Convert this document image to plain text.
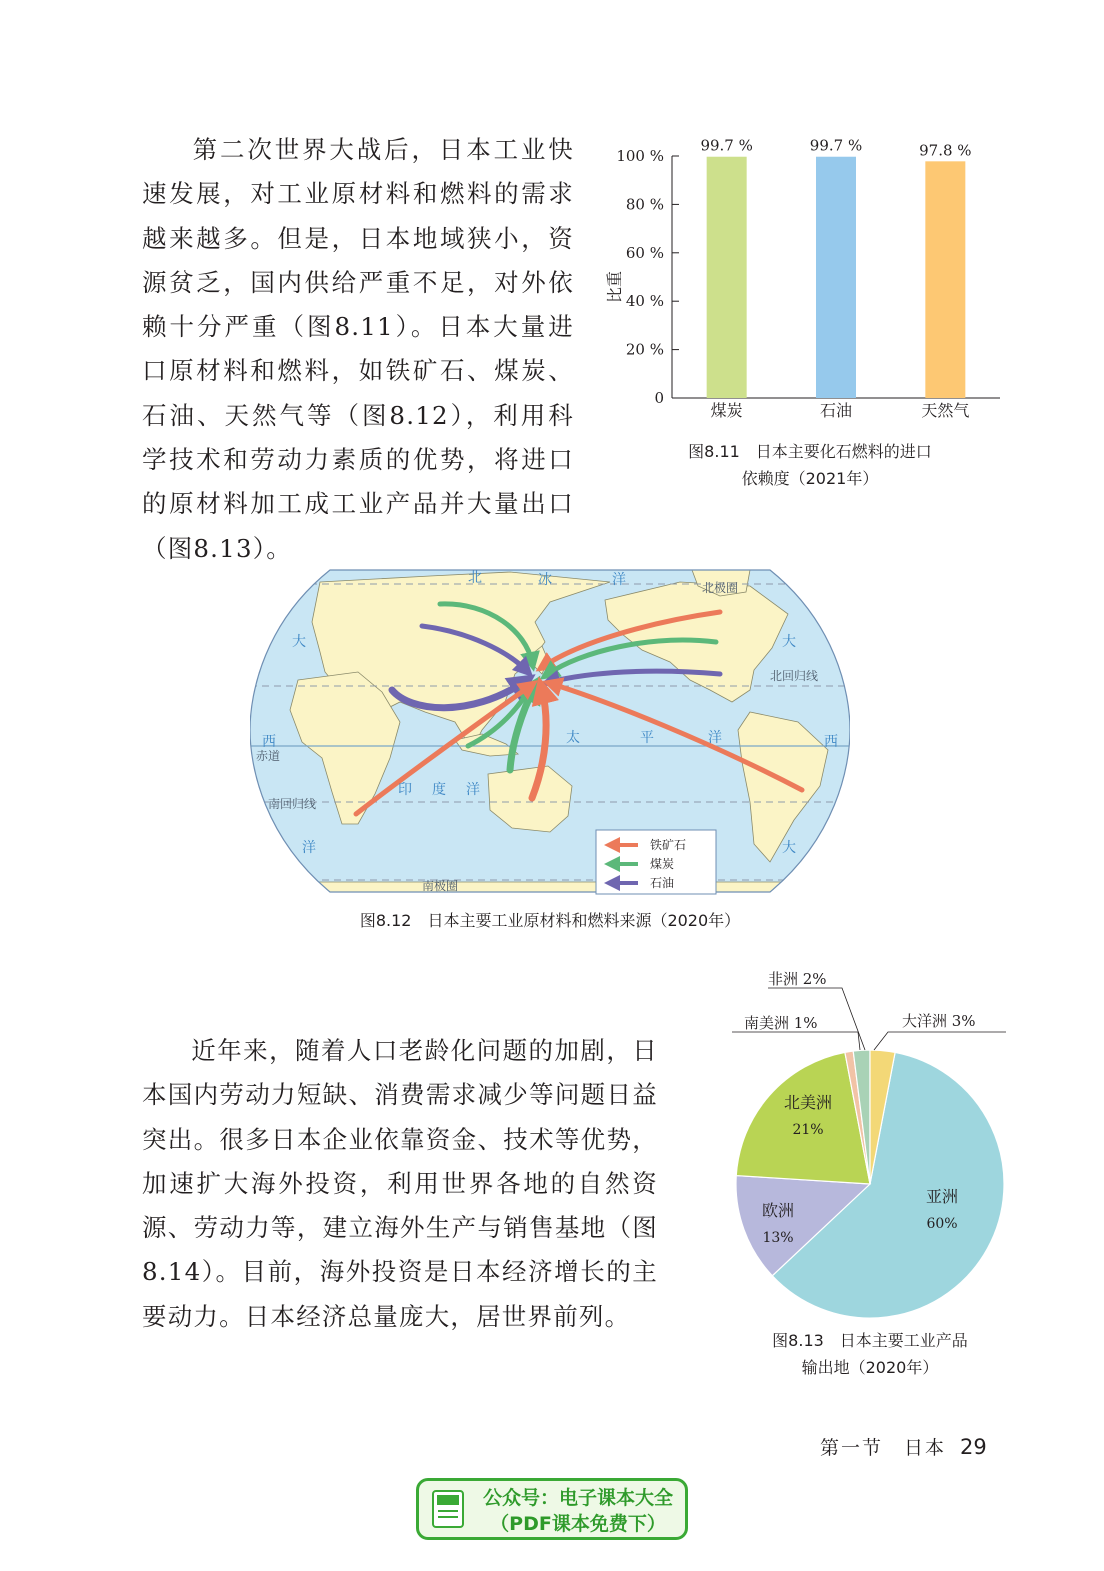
第二次世界大战后，日本工业快速发展，对工业原材料和燃料的需求越来越多。但是，日本地域狭小，资源贫乏，国内供给严重不足，对外依赖十分严重（图8.11）。日本大量进口原材料和燃料，如铁矿石、煤炭、石油、天然气等（图8.12），利用科学技术和劳动力素质的优势，将进口的原材料加工成工业产品并大量出口（图8.13）。

0
20 %
40 %
60 %
80 %
100 %
比重
99.7 %
煤炭
99.7 %
石油
97.8 %
天然气
图8.11　日本主要化石燃料的进口
依赖度（2021年）
北	冰	洋
大
西
洋
大
太	平	洋
印 度 洋
大
西
北极圈
北回归线
赤道
南回归线
南极圈
铁矿石
煤炭
石油
图8.12　日本主要工业原材料和燃料来源（2020年）

近年来，随着人口老龄化问题的加剧，日本国内劳动力短缺、消费需求减少等问题日益突出。很多日本企业依靠资金、技术等优势，加速扩大海外投资，利用世界各地的自然资源、劳动力等，建立海外生产与销售基地（图8.14）。目前，海外投资是日本经济增长的主要动力。日本经济总量庞大，居世界前列。

亚洲
60%
欧洲
13%
北美洲
21%
南美洲 1%
非洲 2%
大洋洲 3%
图8.13　日本主要工业产品
输出地（2020年）
第一节　日本 29
公众号：电子课本大全
（PDF课本免费下）
